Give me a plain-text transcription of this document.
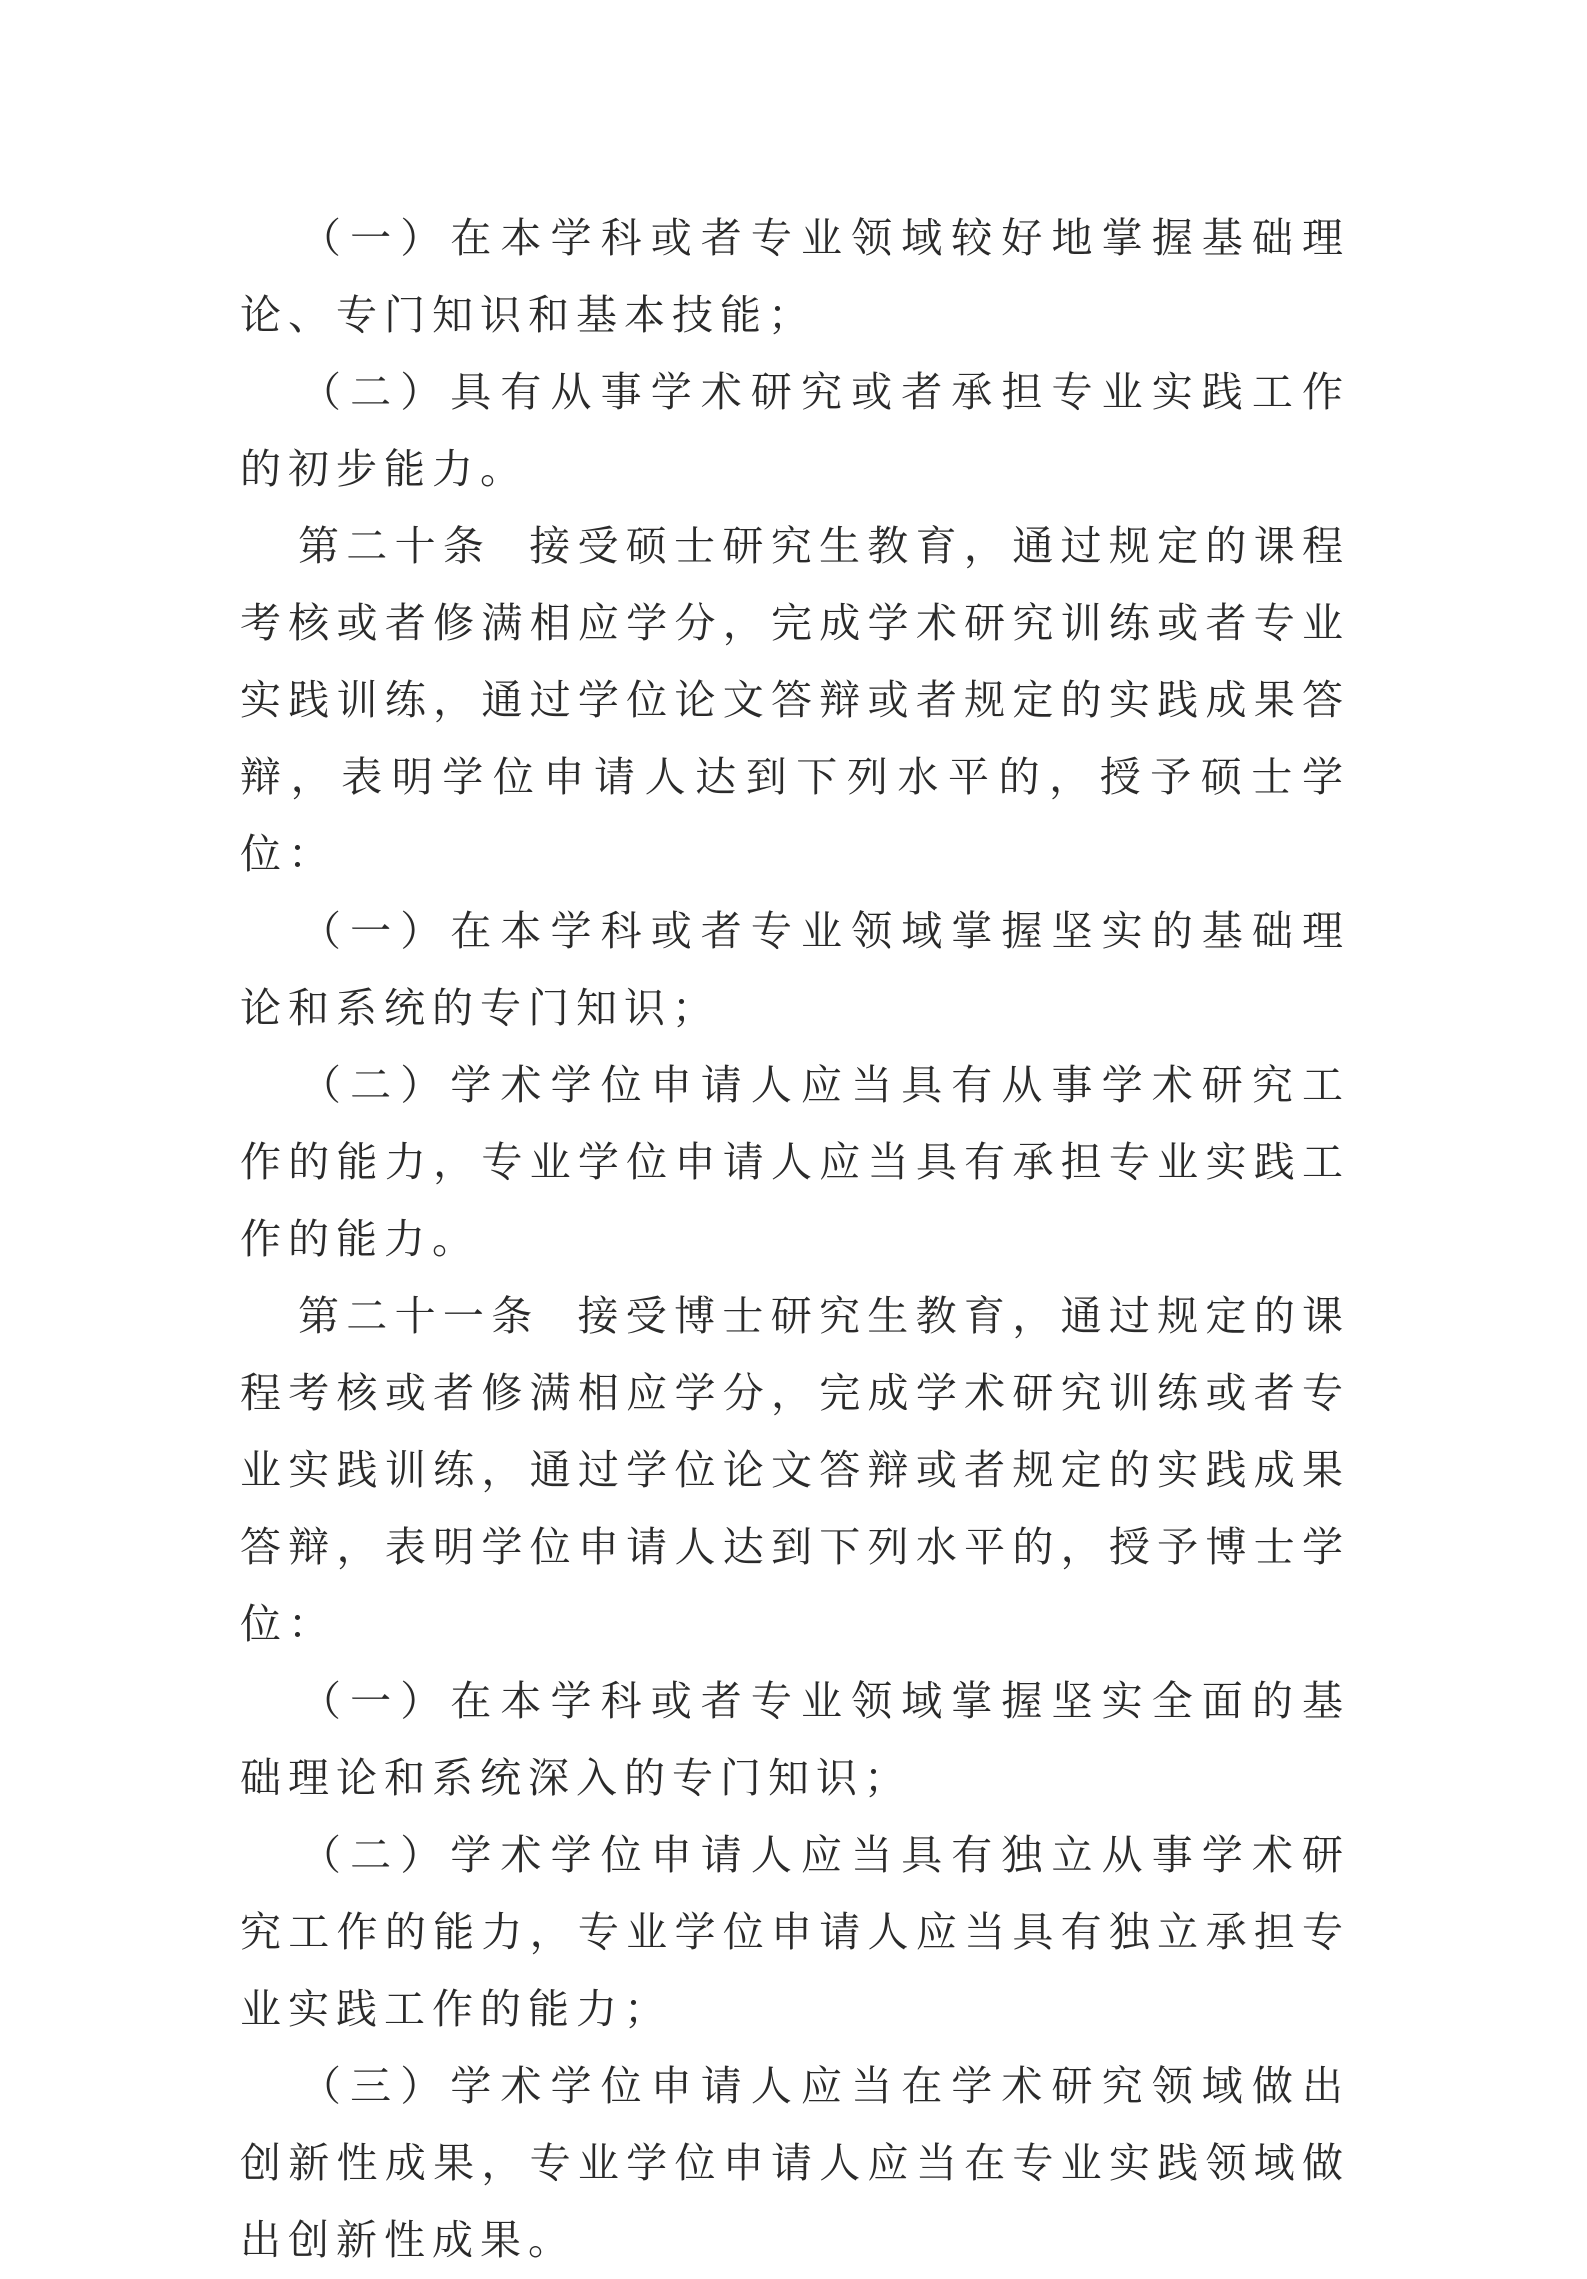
（一）在本学科或者专业领域较好地掌握基础理论、专门知识和基本技能；

（二）具有从事学术研究或者承担专业实践工作的初步能力。

第二十条 接受硕士研究生教育，通过规定的课程考核或者修满相应学分，完成学术研究训练或者专业实践训练，通过学位论文答辩或者规定的实践成果答辩，表明学位申请人达到下列水平的，授予硕士学位：

（一）在本学科或者专业领域掌握坚实的基础理论和系统的专门知识；

（二）学术学位申请人应当具有从事学术研究工作的能力，专业学位申请人应当具有承担专业实践工作的能力。

第二十一条 接受博士研究生教育，通过规定的课程考核或者修满相应学分，完成学术研究训练或者专业实践训练，通过学位论文答辩或者规定的实践成果答辩，表明学位申请人达到下列水平的，授予博士学位：

（一）在本学科或者专业领域掌握坚实全面的基础理论和系统深入的专门知识；

（二）学术学位申请人应当具有独立从事学术研究工作的能力，专业学位申请人应当具有独立承担专业实践工作的能力；

（三）学术学位申请人应当在学术研究领域做出创新性成果，专业学位申请人应当在专业实践领域做出创新性成果。
